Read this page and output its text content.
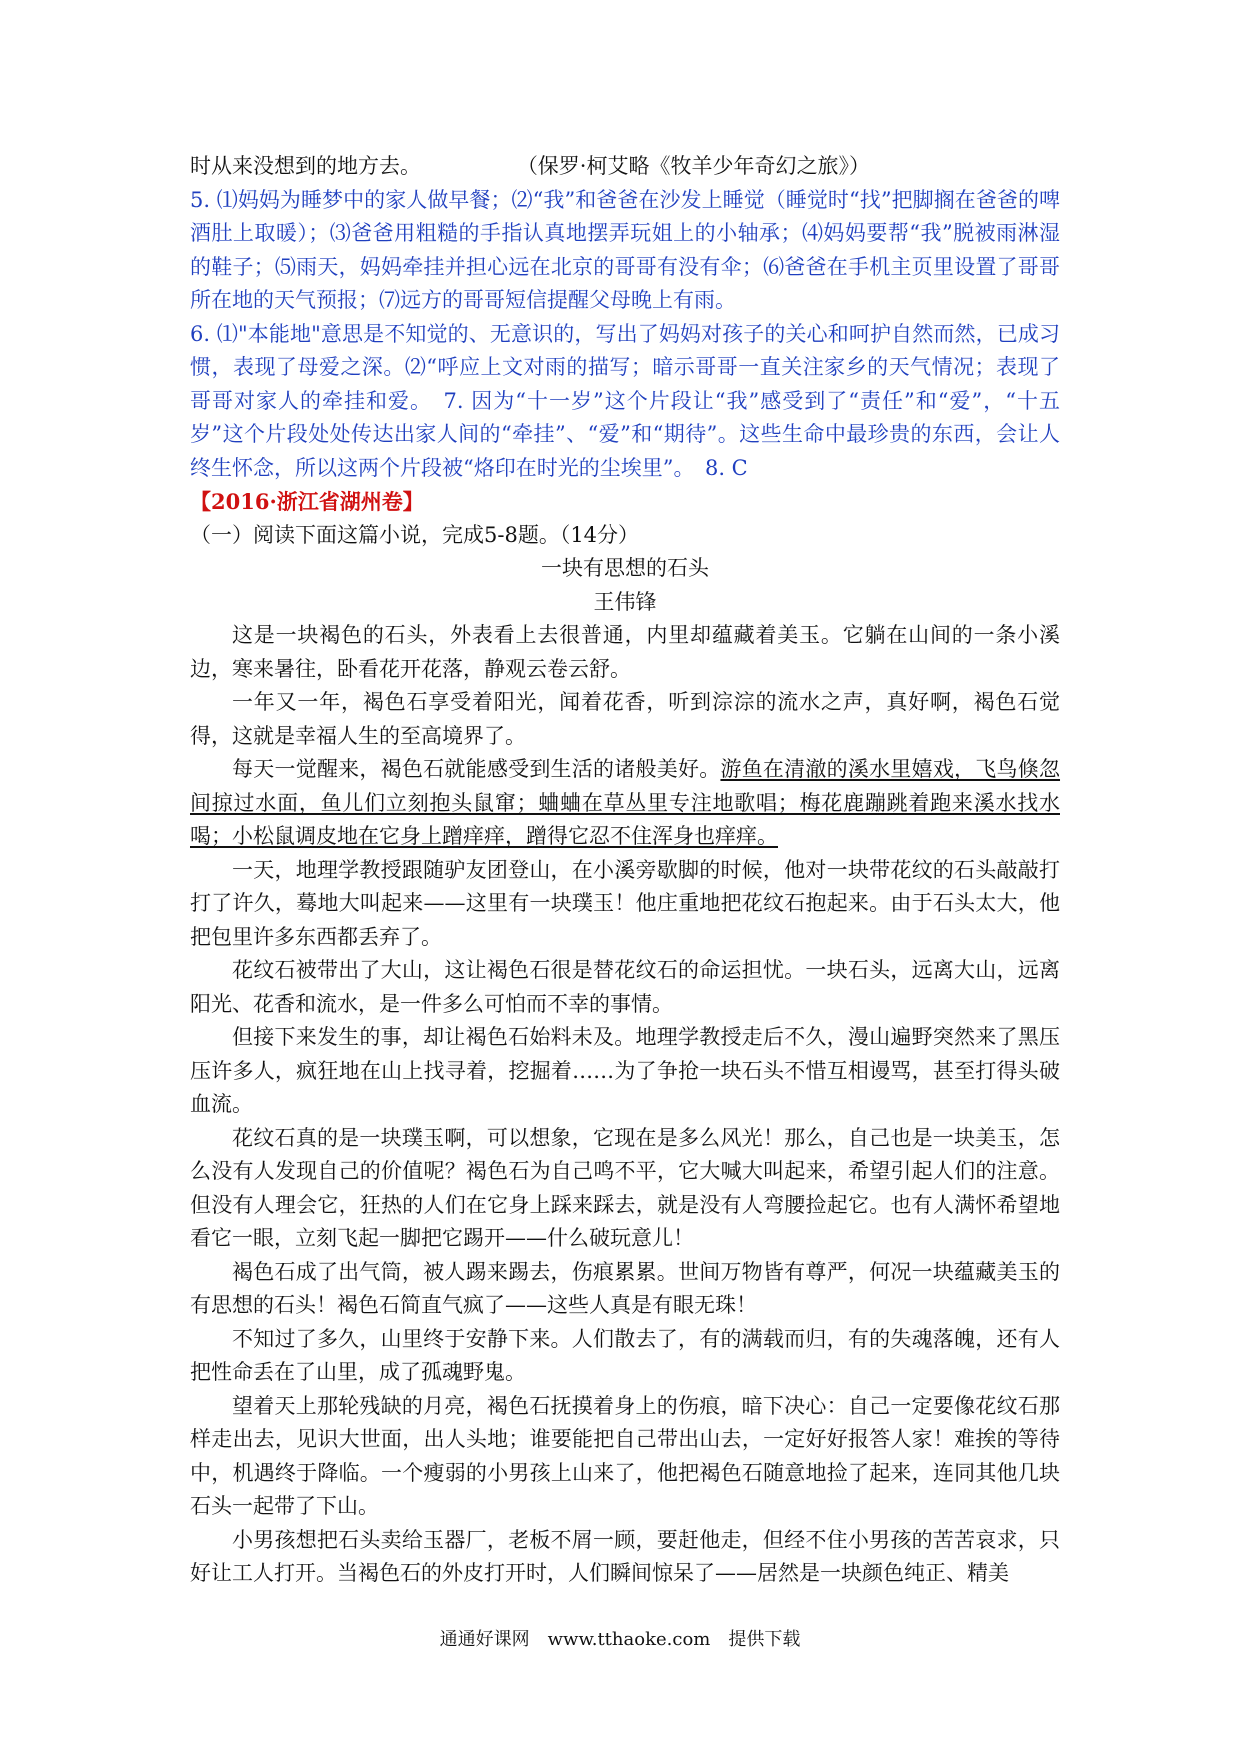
时从来没想到的地方去。	（保罗·柯艾略《牧羊少年奇幻之旅》）
5. ⑴妈妈为睡梦中的家人做早餐；⑵“我”和爸爸在沙发上睡觉（睡觉时“找”把脚搁在爸爸的啤酒肚上取暖）；⑶爸爸用粗糙的手指认真地摆弄玩姐上的小轴承；⑷妈妈要帮“我”脱被雨淋湿的鞋子；⑸雨天，妈妈牵挂并担心远在北京的哥哥有没有伞；⑹爸爸在手机主页里设置了哥哥所在地的天气预报；⑺远方的哥哥短信提醒父母晚上有雨。
6. ⑴"本能地"意思是不知觉的、无意识的，写出了妈妈对孩子的关心和呵护自然而然，已成习惯，表现了母爱之深。⑵“呼应上文对雨的描写；暗示哥哥一直关注家乡的天气情况；表现了哥哥对家人的牵挂和爱。　7. 因为“十一岁”这个片段让“我”感受到了“责任”和“爱”，“十五岁”这个片段处处传达出家人间的“牵挂”、“爱”和“期待”。这些生命中最珍贵的东西，会让人终生怀念，所以这两个片段被“烙印在时光的尘埃里”。　8. C
【2016·浙江省湖州卷】
（一）阅读下面这篇小说，完成5-8题。（14分）
一块有思想的石头
王伟锋

这是一块褐色的石头，外表看上去很普通，内里却蕴藏着美玉。它躺在山间的一条小溪边，寒来暑往，卧看花开花落，静观云卷云舒。

一年又一年，褐色石享受着阳光，闻着花香，听到淙淙的流水之声，真好啊，褐色石觉得，这就是幸福人生的至高境界了。

每天一觉醒来，褐色石就能感受到生活的诸般美好。游鱼在清澈的溪水里嬉戏，飞鸟倏忽间掠过水面，鱼儿们立刻抱头鼠窜；蛐蛐在草丛里专注地歌唱；梅花鹿蹦跳着跑来溪水找水喝；小松鼠调皮地在它身上蹭痒痒，蹭得它忍不住浑身也痒痒。

一天，地理学教授跟随驴友团登山，在小溪旁歇脚的时候，他对一块带花纹的石头敲敲打打了许久，蓦地大叫起来——这里有一块璞玉！他庄重地把花纹石抱起来。由于石头太大，他把包里许多东西都丢弃了。

花纹石被带出了大山，这让褐色石很是替花纹石的命运担忧。一块石头，远离大山，远离阳光、花香和流水，是一件多么可怕而不幸的事情。

但接下来发生的事，却让褐色石始料未及。地理学教授走后不久，漫山遍野突然来了黑压压许多人，疯狂地在山上找寻着，挖掘着……为了争抢一块石头不惜互相谩骂，甚至打得头破血流。

花纹石真的是一块璞玉啊，可以想象，它现在是多么风光！那么，自己也是一块美玉，怎么没有人发现自己的价值呢？褐色石为自己鸣不平，它大喊大叫起来，希望引起人们的注意。但没有人理会它，狂热的人们在它身上踩来踩去，就是没有人弯腰捡起它。也有人满怀希望地看它一眼，立刻飞起一脚把它踢开——什么破玩意儿！

褐色石成了出气筒，被人踢来踢去，伤痕累累。世间万物皆有尊严，何况一块蕴藏美玉的有思想的石头！褐色石简直气疯了——这些人真是有眼无珠！

不知过了多久，山里终于安静下来。人们散去了，有的满载而归，有的失魂落魄，还有人把性命丢在了山里，成了孤魂野鬼。

望着天上那轮残缺的月亮，褐色石抚摸着身上的伤痕，暗下决心：自己一定要像花纹石那样走出去，见识大世面，出人头地；谁要能把自己带出山去，一定好好报答人家！难挨的等待中，机遇终于降临。一个瘦弱的小男孩上山来了，他把褐色石随意地捡了起来，连同其他几块石头一起带了下山。

小男孩想把石头卖给玉器厂，老板不屑一顾，要赶他走，但经不住小男孩的苦苦哀求，只好让工人打开。当褐色石的外皮打开时，人们瞬间惊呆了——居然是一块颜色纯正、精美

通通好课网　www.tthaoke.com　提供下载
